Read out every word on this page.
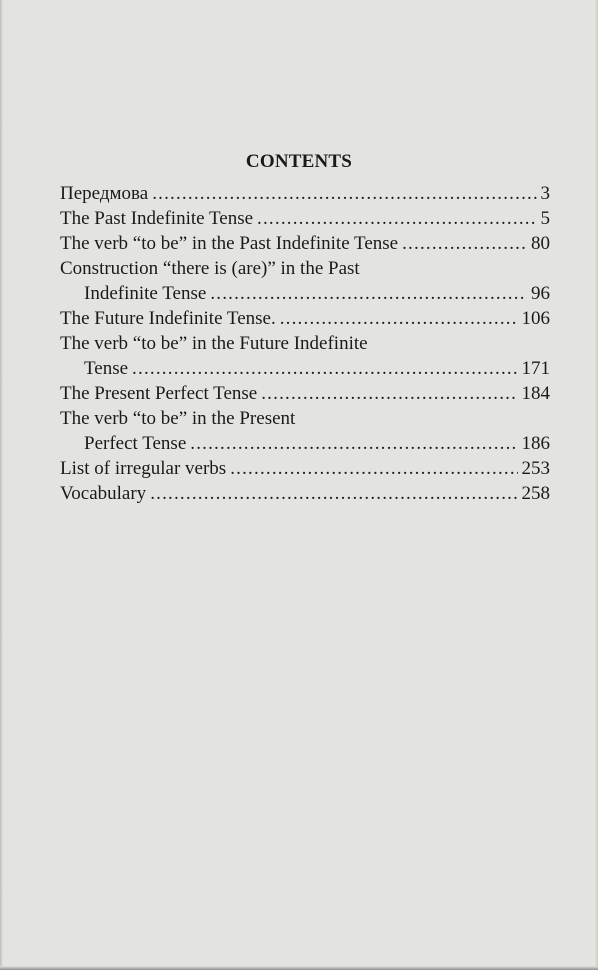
CONTENTS
Передмова .....	3
The Past Indefinite Tense .....	5
The verb “to be” in the Past Indefinite Tense .....	80
Construction “there is (are)” in the Past
Indefinite Tense .....	96
The Future Indefinite Tense. .....	106
The verb “to be” in the Future Indefinite
Tense .....	171
The Present Perfect Tense .....	184
The verb “to be” in the Present
Perfect Tense .....	186
List of irregular verbs .....	253
Vocabulary .....	258
